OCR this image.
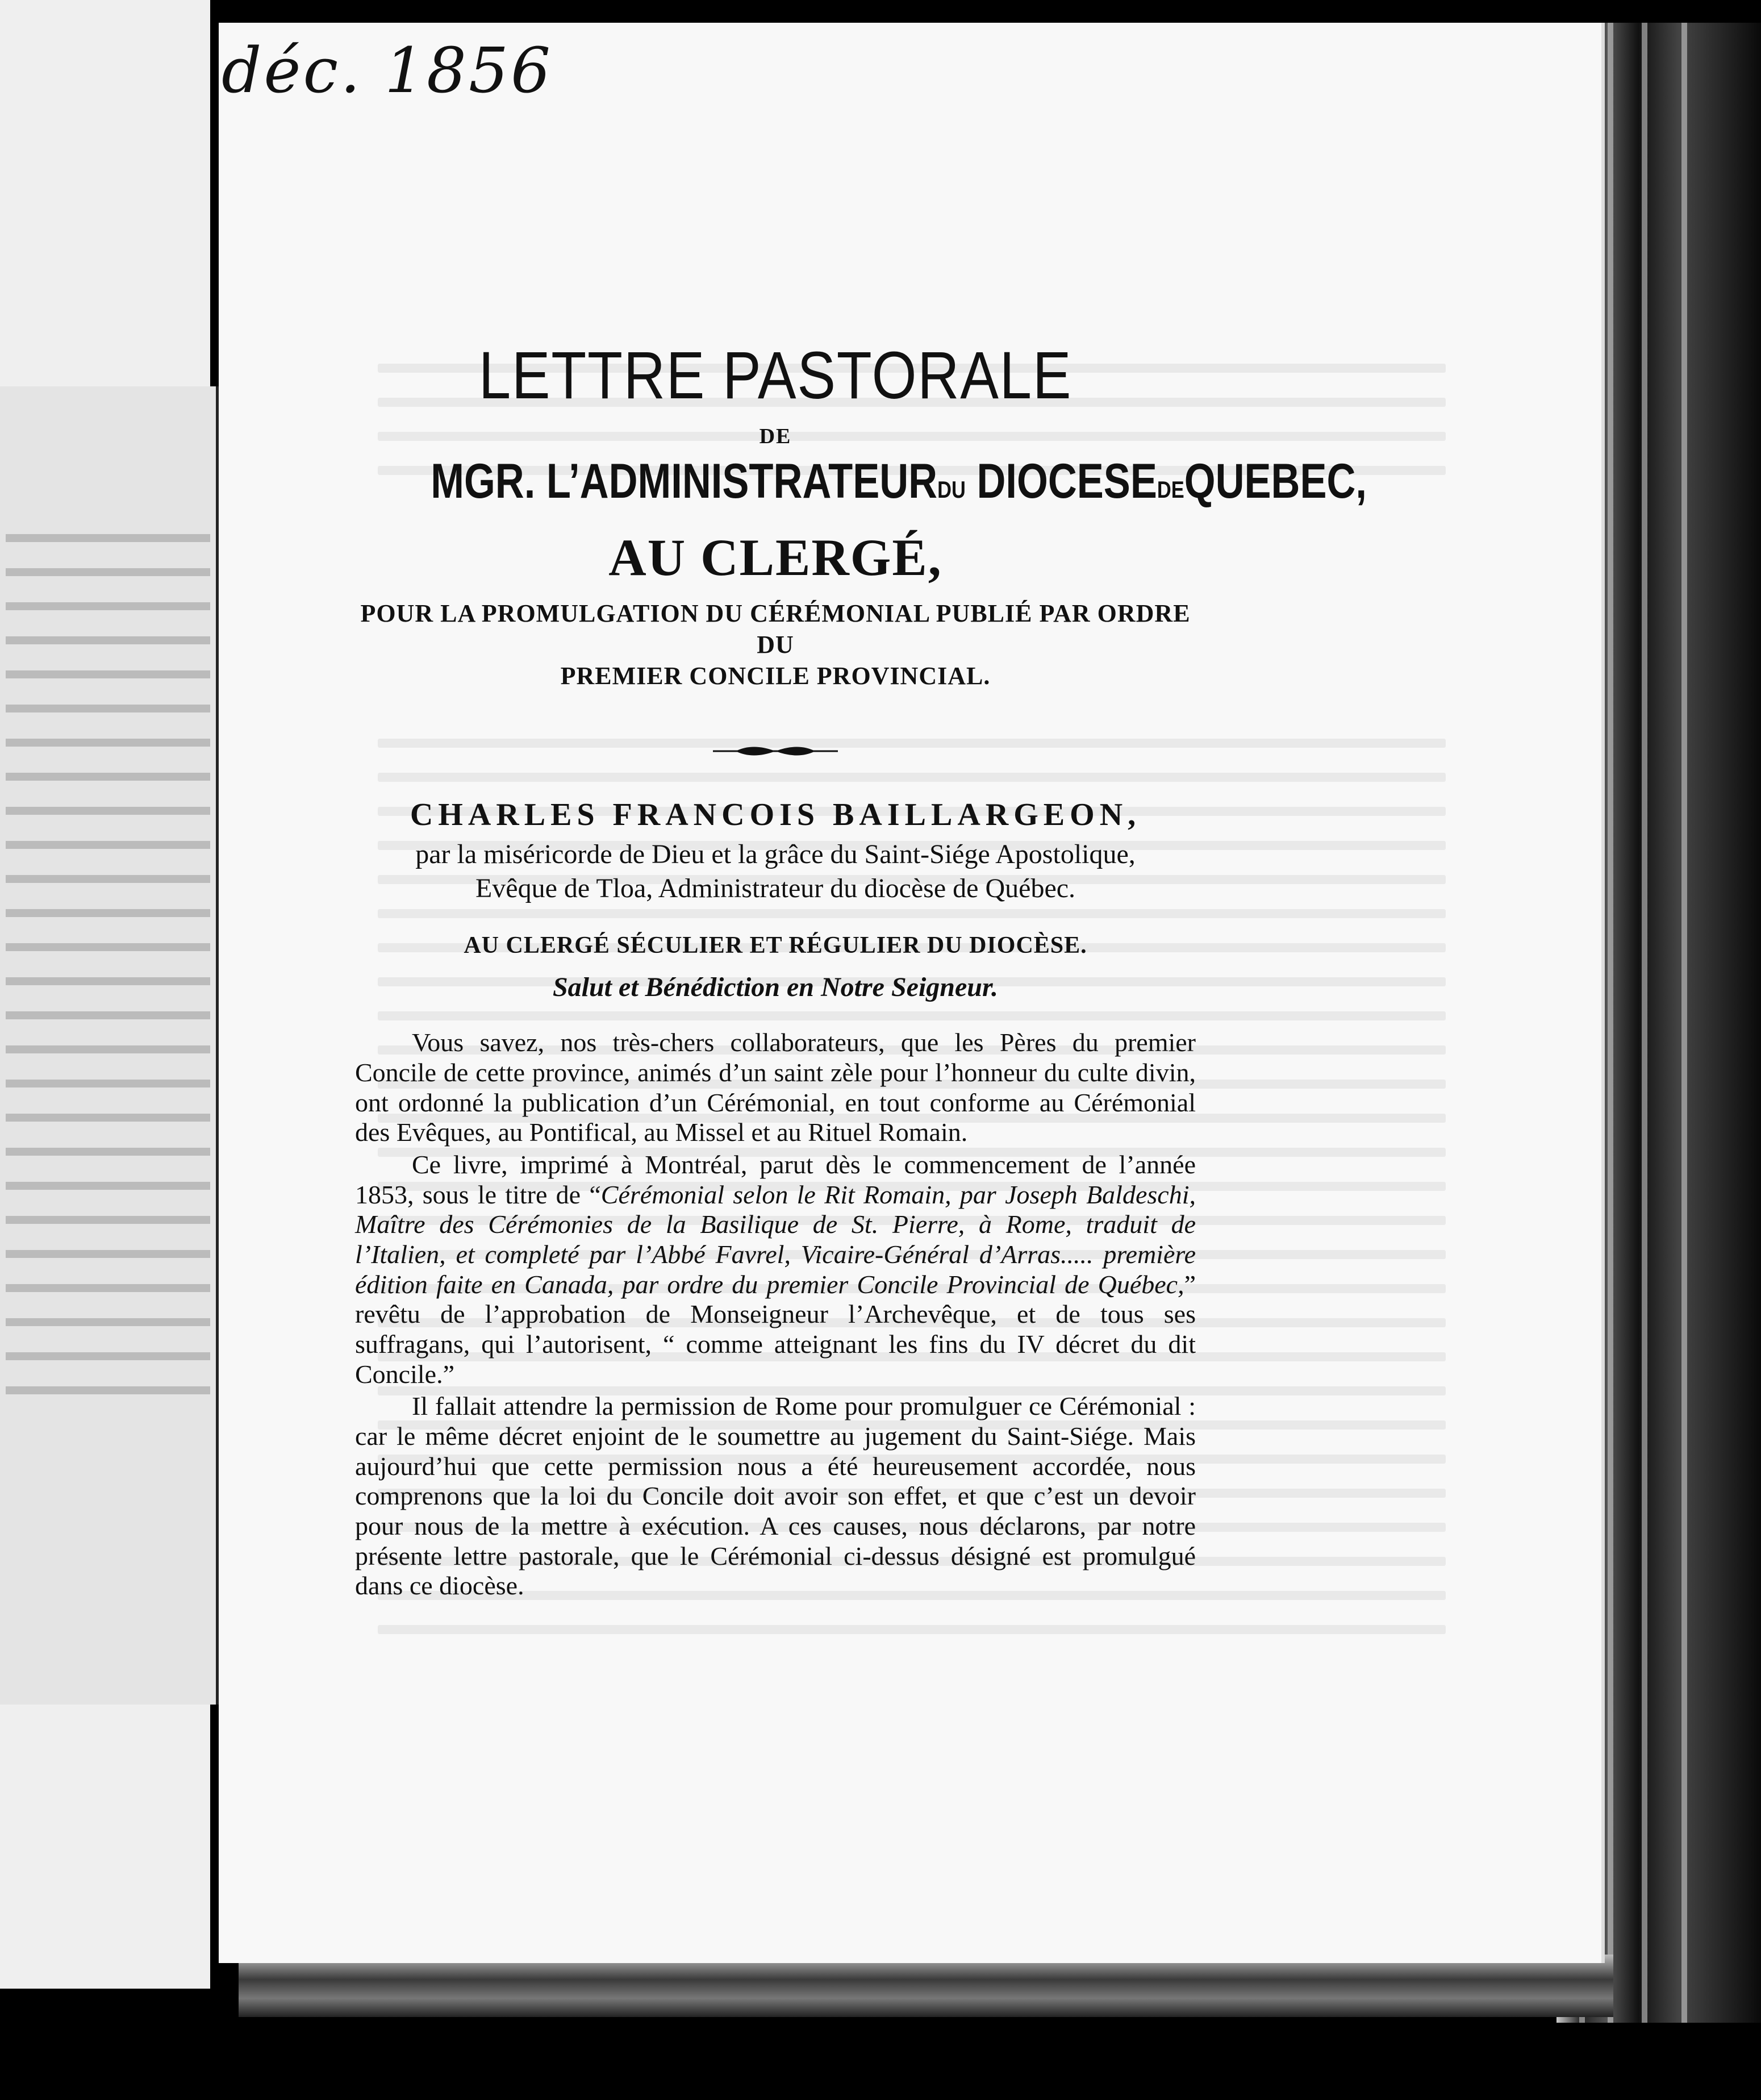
LETTRE PASTORALE
DE
MGR. L’ADMINISTRATEURDU DIOCESEDEQUEBEC,
AU CLERGÉ,
POUR LA PROMULGATION DU CÉRÉMONIAL PUBLIÉ PAR ORDRE DU
PREMIER CONCILE PROVINCIAL.
CHARLES FRANCOIS BAILLARGEON,
par la miséricorde de Dieu et la grâce du Saint-Siége Apostolique,
Evêque de Tloa, Administrateur du diocèse de Québec.
AU CLERGÉ SÉCULIER ET RÉGULIER DU DIOCÈSE.
Salut et Bénédiction en Notre Seigneur.

Vous savez, nos très-chers collaborateurs, que les Pères du premier Concile de cette province, animés d’un saint zèle pour l’honneur du culte divin, ont ordonné la publication d’un Cérémonial, en tout conforme au Cérémonial des Evêques, au Pontifical, au Missel et au Rituel Romain.

Ce livre, imprimé à Montréal, parut dès le commencement de l’année 1853, sous le titre de “Cérémonial selon le Rit Romain, par Joseph Baldeschi, Maître des Cérémonies de la Basilique de St. Pierre, à Rome, traduit de l’Italien, et completé par l’Abbé Favrel, Vicaire-Général d’Arras..... première édition faite en Canada, par ordre du premier Concile Provincial de Québec,” revêtu de l’approbation de Monseigneur l’Archevêque, et de tous ses suffragans, qui l’autorisent, “ comme atteignant les fins du IV décret du dit Concile.”

Il fallait attendre la permission de Rome pour promulguer ce Cérémonial : car le même décret enjoint de le soumettre au jugement du Saint-Siége. Mais aujourd’hui que cette permission nous a été heureusement accordée, nous comprenons que la loi du Concile doit avoir son effet, et que c’est un devoir pour nous de la mettre à exécution. A ces causes, nous déclarons, par notre présente lettre pastorale, que le Cérémonial ci-dessus désigné est promulgué dans ce diocèse.

déc. 1856
